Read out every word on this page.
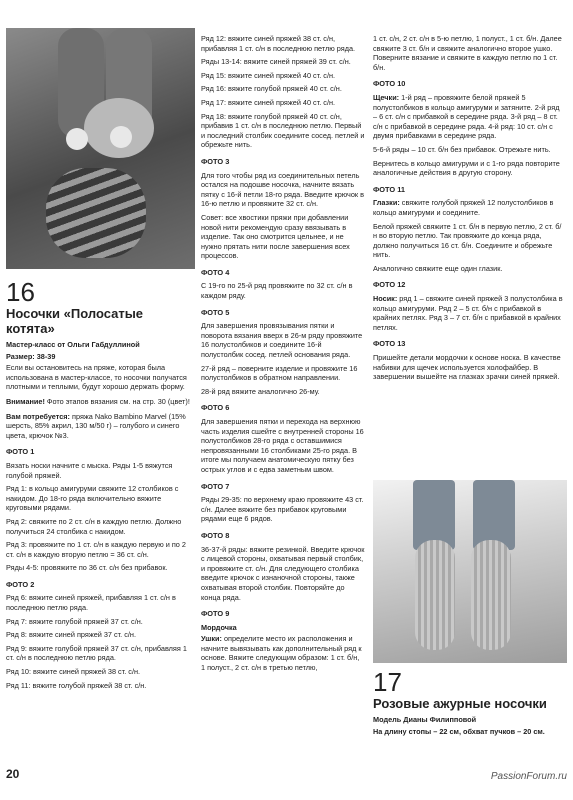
16

Носочки «Полосатые котята»

Мастер-класс от Ольги Габдуллиной

Размер: 38-39

Если вы остановитесь на пряже, которая была использована в мастер-классе, то носочки получатся плотными и теплыми, будут хорошо держать форму.

Внимание! Фото этапов вязания см. на стр. 30 (цвет)!

Вам потребуется: пряжа Nako Bambino Marvel (15% шерсть, 85% акрил, 130 м/50 г) – голубого и синего цвета, крючок №3.

ФОТО 1

Вязать носки начните с мыска. Ряды 1-5 вяжутся голубой пряжей.

Ряд 1: в кольцо амигуруми свяжите 12 столбиков с накидом. До 18-го ряда включительно вяжите круговыми рядами.

Ряд 2: свяжите по 2 ст. с/н в каждую петлю. Должно получиться 24 столбика с накидом.

Ряд 3: провяжите по 1 ст. с/н в каждую первую и по 2 ст. с/н в каждую вторую петлю = 36 ст. с/н.

Ряды 4-5: провяжите по 36 ст. с/н без прибавок.

ФОТО 2

Ряд 6: вяжите синей пряжей, прибавляя 1 ст. с/н в последнюю петлю ряда.

Ряд 7: вяжите голубой пряжей 37 ст. с/н.

Ряд 8: вяжите синей пряжей 37 ст. с/н.

Ряд 9: вяжите голубой пряжей 37 ст. с/н, прибавляя 1 ст. с/н в последнюю петлю ряда.

Ряд 10: вяжите синей пряжей 38 ст. с/н.

Ряд 11: вяжите голубой пряжей 38 ст. с/н.

Ряд 12: вяжите синей пряжей 38 ст. с/н, прибавляя 1 ст. с/н в последнюю петлю ряда.

Ряды 13-14: вяжите синей пряжей 39 ст. с/н.

Ряд 15: вяжите синей пряжей 40 ст. с/н.

Ряд 16: вяжите голубой пряжей 40 ст. с/н.

Ряд 17: вяжите синей пряжей 40 ст. с/н.

Ряд 18: вяжите голубой пряжей 40 ст. с/н, прибавив 1 ст. с/н в последнюю петлю. Первый и последний столбик соедините сосед. петлей и обрежьте нить.

ФОТО 3

Для того чтобы ряд из соединительных петель остался на подошве носочка, начните вязать пятку с 16-й петли 18-го ряда. Введите крючок в 16-ю петлю и провяжите 32 ст. с/н.

Совет: все хвостики пряжи при добавлении новой нити рекомендую сразу ввязывать в изделие. Так оно смотрится цельнее, и не нужно прятать нити после завершения всех процессов.

ФОТО 4

С 19-го по 25-й ряд провяжите по 32 ст. с/н в каждом ряду.

ФОТО 5

Для завершения провязывания пятки и поворота вязания вверх в 26-м ряду провяжите 16 полустолбиков и соедините 16-й полустолбик сосед. петлей основания ряда.

27-й ряд – поверните изделие и провяжите 16 полустолбиков в обратном направлении.

28-й ряд вяжите аналогично 26-му.

ФОТО 6

Для завершения пятки и перехода на верхнюю часть изделия сшейте с внутренней стороны 16 полустолбиков 28-го ряда с оставшимися непровязанными 16 столбиками 25-го ряда. В итоге мы получаем анатомическую пятку без острых углов и с едва заметным швом.

ФОТО 7

Ряды 29-35: по верхнему краю провяжите 43 ст. с/н. Далее вяжите без прибавок круговыми рядами еще 6 рядов.

ФОТО 8

36-37-й ряды: вяжите резинкой. Введите крючок с лицевой стороны, охватывая первый столбик, и провяжите ст. с/н. Для следующего столбика введите крючок с изнаночной стороны, также охватывая второй столбик. Повторяйте до конца ряда.

ФОТО 9

Мордочка

Ушки: определите место их расположения и начните вывязывать как дополнительный ряд к основе. Вяжите следующим образом: 1 ст. б/н, 1 полуст., 2 ст. с/н в третью петлю,

1 ст. с/н, 2 ст. с/н в 5-ю петлю, 1 полуст., 1 ст. б/н. Далее свяжите 3 ст. б/н и свяжите аналогично второе ушко. Поверните вязание и свяжите в каждую петлю по 1 ст. б/н.

ФОТО 10

Щечки: 1-й ряд – провяжите белой пряжей 5 полустолбиков в кольцо амигуруми и затяните. 2-й ряд – 6 ст. с/н с прибавкой в середине ряда. 3-й ряд – 8 ст. с/н с прибавкой в середине ряда. 4-й ряд: 10 ст. с/н с двумя прибавками в середине ряда.

5-6-й ряды – 10 ст. б/н без прибавок. Отрежьте нить.

Вернитесь в кольцо амигуруми и с 1-го ряда повторите аналогичные действия в другую сторону.

ФОТО 11

Глазки: свяжите голубой пряжей 12 полустолбиков в кольцо амигуруми и соедините.

Белой пряжей свяжите 1 ст. б/н в первую петлю, 2 ст. б/н во вторую петлю. Так провяжите до конца ряда, должно получиться 16 ст. б/н. Соедините и обрежьте нить.

Аналогично свяжите еще один глазик.

ФОТО 12

Носик: ряд 1 – свяжите синей пряжей 3 полустолбика в кольцо амигуруми. Ряд 2 – 5 ст. б/н с прибавкой в крайних петлях. Ряд 3 – 7 ст. б/н с прибавкой в крайних петлях.

ФОТО 13

Пришейте детали мордочки к основе носка. В качестве набивки для щечек используется холофайбер. В завершении вышейте на глазках зрачки синей пряжей.

17

Розовые ажурные носочки

Модель Дианы Филипповой

На длину стопы – 22 см, обхват пучков – 20 см.

20	PassionForum.ru
